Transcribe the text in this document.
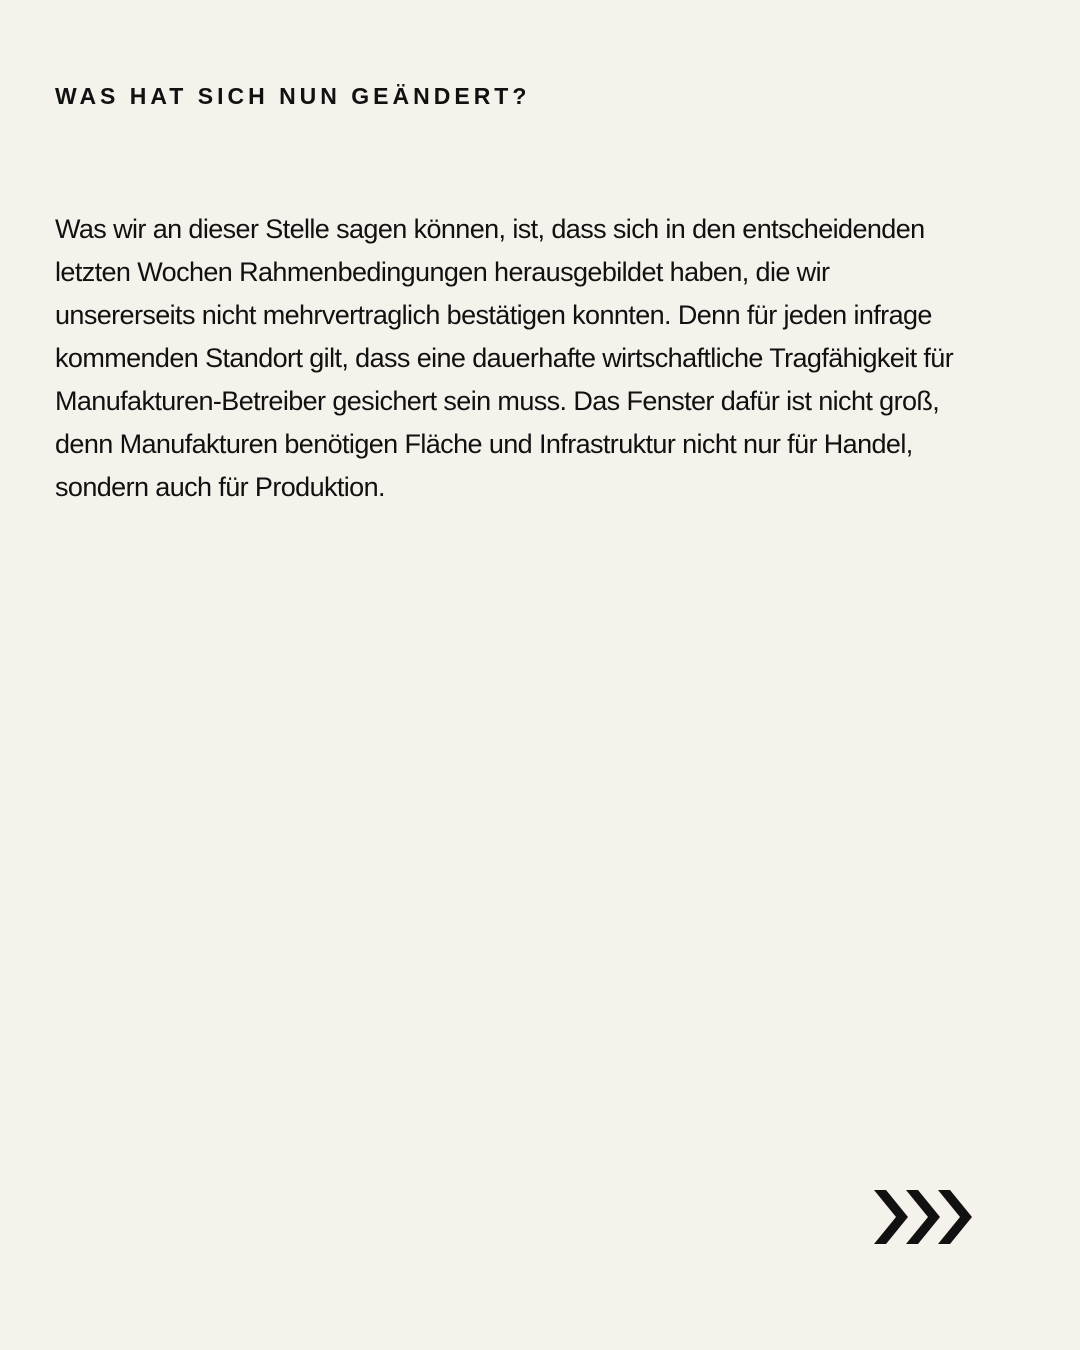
WAS HAT SICH NUN GEÄNDERT?

Was wir an dieser Stelle sagen können, ist, dass sich in den entscheidenden
letzten Wochen Rahmenbedingungen herausgebildet haben, die wir
unsererseits nicht mehrvertraglich bestätigen konnten. Denn für jeden infrage
kommenden Standort gilt, dass eine dauerhafte wirtschaftliche Tragfähigkeit für
Manufakturen-Betreiber gesichert sein muss. Das Fenster dafür ist nicht groß,
denn Manufakturen benötigen Fläche und Infrastruktur nicht nur für Handel,
sondern auch für Produktion.
